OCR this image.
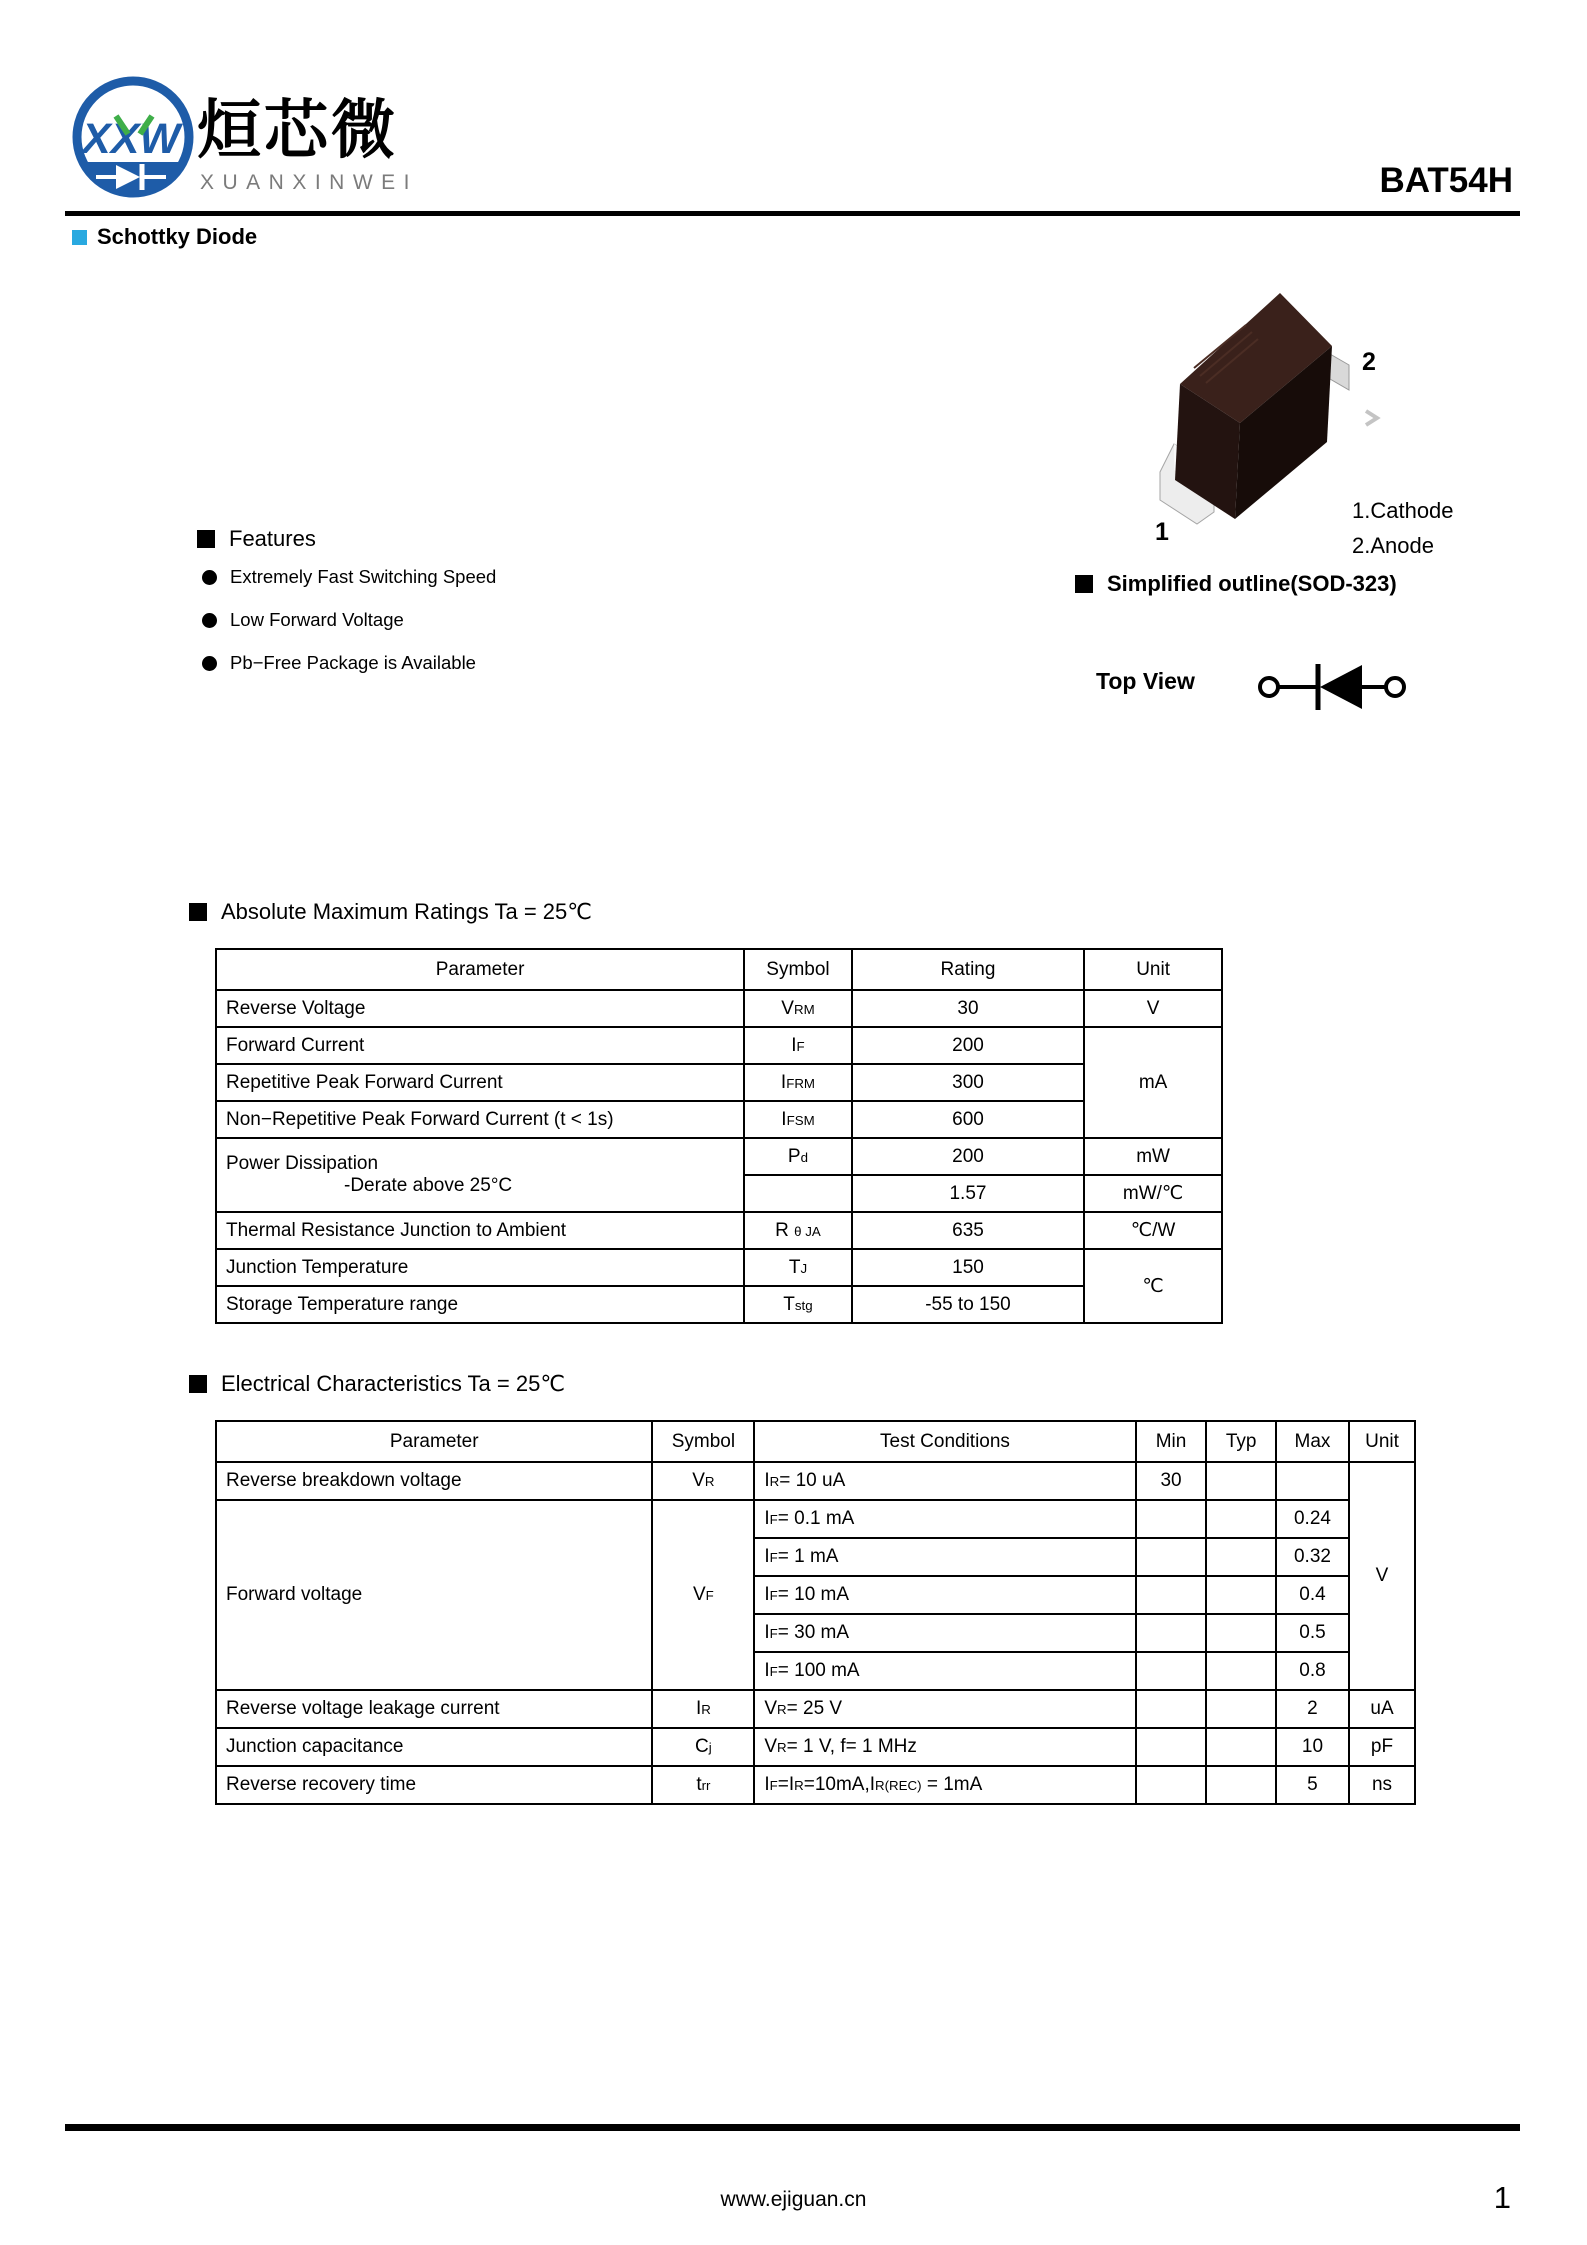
XXW 烜芯微
XUANXINWEI	BAT54H
Schottky Diode
2
1
1.Cathode
2.Anode
Simplified outline(SOD-323)
Top View
Features
Extremely Fast Switching Speed
Low Forward Voltage
Pb−Free Package is Available
Absolute Maximum Ratings Ta = 25℃
Parameter	Symbol	Rating	Unit
Reverse Voltage	VRM	30	V
Forward Current	IF	200	mA
Repetitive Peak Forward Current	IFRM	300	
Non−Repetitive Peak Forward Current (t < 1s)	IFSM	600	

Power Dissipation
-Derate above 25°C	Pd	200	mW
		1.57	mW/℃
Thermal Resistance Junction to Ambient	R θ JA	635	℃/W
Junction Temperature	TJ	150	℃
Storage Temperature range	Tstg	-55 to 150	
Electrical Characteristics Ta = 25℃
Parameter	Symbol	Test Conditions	Min	Typ	Max	Unit
Reverse breakdown voltage	VR	IR= 10 uA	30			V
Forward voltage	VF	IF= 0.1 mA			0.24	
		IF= 1 mA			0.32	
		IF= 10 mA			0.4	
		IF= 30 mA			0.5	
		IF= 100 mA			0.8	
Reverse voltage leakage current	IR	VR= 25 V			2	uA
Junction capacitance	Cj	VR= 1 V, f= 1 MHz			10	pF
Reverse recovery time	trr	IF=IR=10mA,IR(REC) = 1mA			5	ns
www.ejiguan.cn	1
